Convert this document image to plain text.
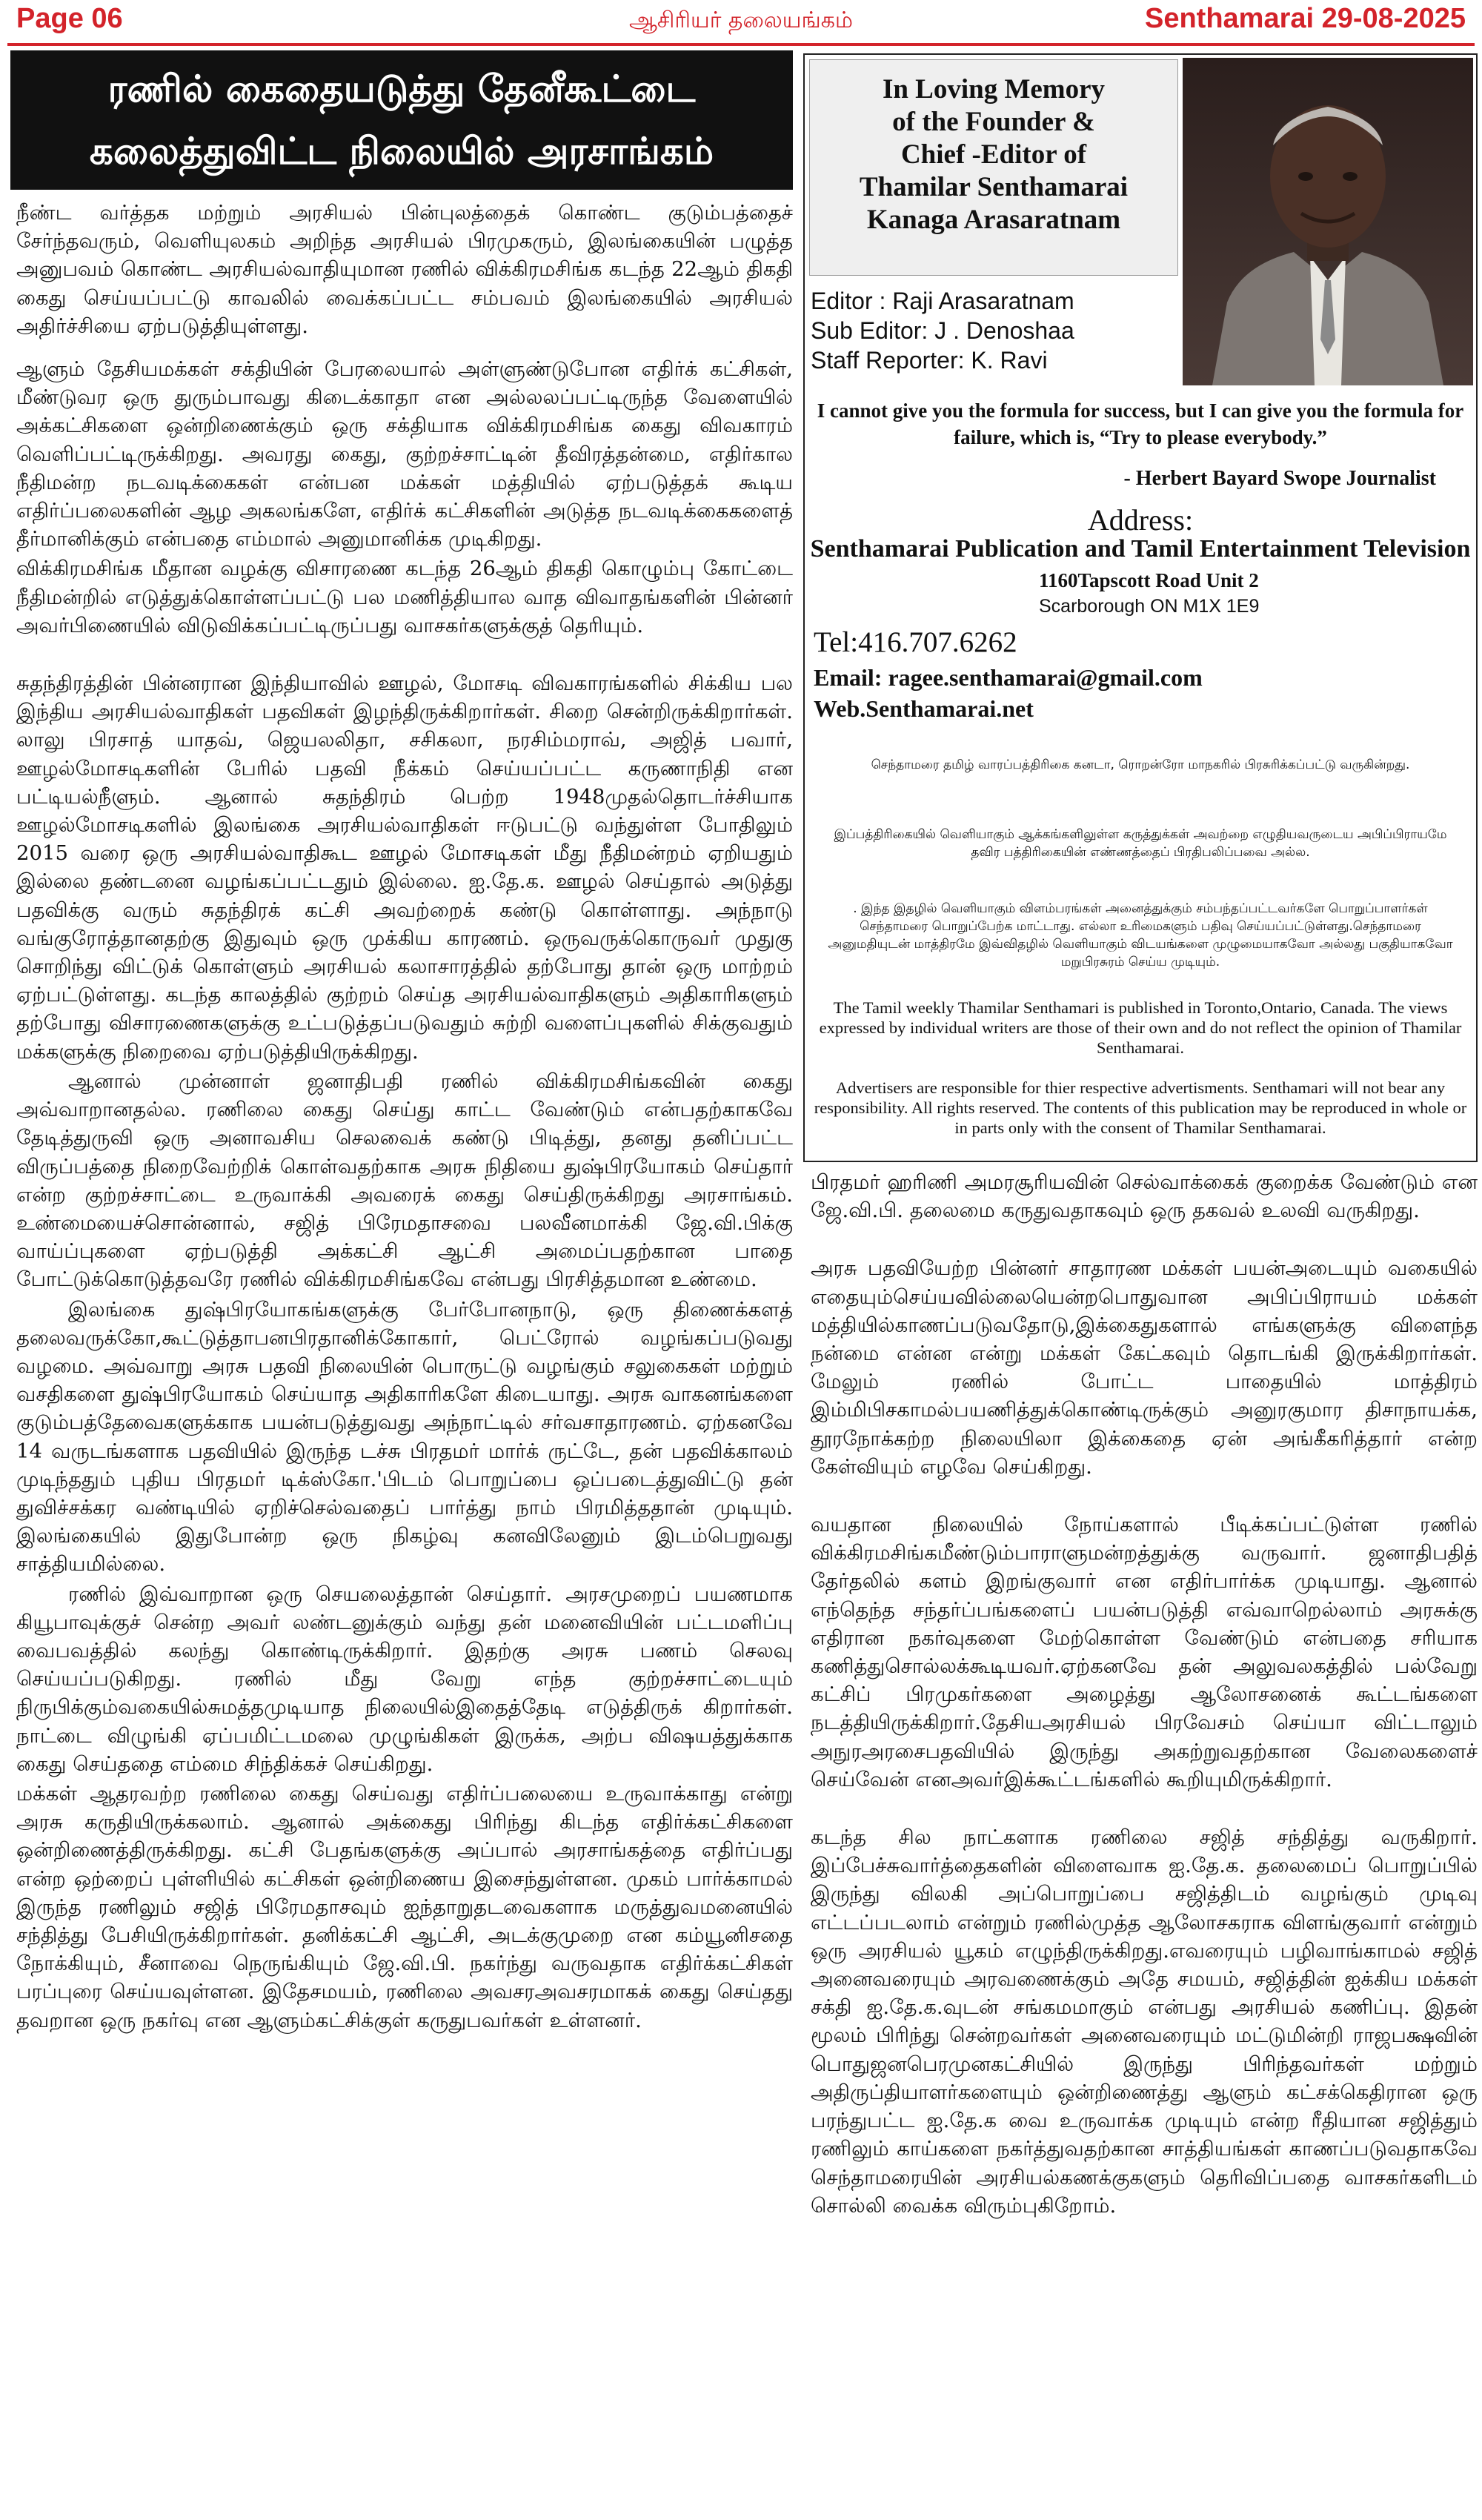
Page 06	ஆசிரியர் தலையங்கம்	Senthamarai 29-08-2025
ரணில் கைதையடுத்து தேனீகூட்டை
கலைத்துவிட்ட நிலையில் அரசாங்கம்

நீண்ட வர்த்தக மற்றும் அரசியல் பின்புலத்தைக் கொண்ட குடும்பத்தைச் சேர்ந்தவரும், வெளியுலகம் அறிந்த அரசியல் பிரமுகரும், இலங்கையின் பழுத்த அனுபவம் கொண்ட அரசியல்வாதியுமான ரணில் விக்கிரமசிங்க கடந்த 22ஆம் திகதி கைது செய்யப்பட்டு காவலில் வைக்கப்பட்ட சம்பவம் இலங்கையில் அரசியல் அதிர்ச்சியை ஏற்படுத்தியுள்ளது.

ஆளும் தேசியமக்கள் சக்தியின் பேரலையால் அள்ளுண்டுபோன எதிர்க் கட்சிகள், மீண்டுவர ஒரு துரும்பாவது கிடைக்காதா என அல்லலப்பட்டிருந்த வேளையில் அக்கட்சிகளை ஒன்றிணைக்கும் ஒரு சக்தியாக விக்கிரமசிங்க கைது விவகாரம் வெளிப்பட்டிருக்கிறது. அவரது கைது, குற்றச்சாட்டின் தீவிரத்தன்மை, எதிர்கால நீதிமன்ற நடவடிக்கைகள் என்பன மக்கள் மத்தியில் ஏற்படுத்தக் கூடிய எதிர்ப்பலைகளின் ஆழ அகலங்களே, எதிர்க் கட்சிகளின் அடுத்த நடவடிக்கைகளைத் தீர்மானிக்கும் என்பதை எம்மால் அனுமானிக்க முடிகிறது.

விக்கிரமசிங்க மீதான வழக்கு விசாரணை கடந்த 26ஆம் திகதி கொழும்பு கோட்டை நீதிமன்றில் எடுத்துக்கொள்ளப்பட்டு பல மணித்தியால வாத விவாதங்களின் பின்னர் அவர்பிணையில் விடுவிக்கப்பட்டிருப்பது வாசகர்களுக்குத் தெரியும்.

சுதந்திரத்தின் பின்னரான இந்தியாவில் ஊழல், மோசடி விவகாரங்களில் சிக்கிய பல இந்திய அரசியல்வாதிகள் பதவிகள் இழந்திருக்கிறார்கள். சிறை சென்றிருக்கிறார்கள். லாலு பிரசாத் யாதவ், ஜெயலலிதா, சசிகலா, நரசிம்மராவ், அஜித் பவார், ஊழல்மோசடிகளின் பேரில் பதவி நீக்கம் செய்யப்பட்ட கருணாநிதி என பட்டியல்நீளும். ஆனால் சுதந்திரம் பெற்ற 1948முதல்தொடர்ச்சியாக ஊழல்மோசடிகளில் இலங்கை அரசியல்வாதிகள் ஈடுபட்டு வந்துள்ள போதிலும் 2015 வரை ஒரு அரசியல்வாதிகூட ஊழல் மோசடிகள் மீது நீதிமன்றம் ஏறியதும் இல்லை தண்டனை வழங்கப்பட்டதும் இல்லை. ஐ.தே.க. ஊழல் செய்தால் அடுத்து பதவிக்கு வரும் சுதந்திரக் கட்சி அவற்றைக் கண்டு கொள்ளாது. அந்நாடு வங்குரோத்தானதற்கு இதுவும் ஒரு முக்கிய காரணம். ஒருவருக்கொருவர் முதுகு சொறிந்து விட்டுக் கொள்ளும் அரசியல் கலாசாரத்தில் தற்போது தான் ஒரு மாற்றம் ஏற்பட்டுள்ளது. கடந்த காலத்தில் குற்றம் செய்த அரசியல்வாதிகளும் அதிகாரிகளும் தற்போது விசாரணைகளுக்கு உட்படுத்தப்படுவதும் சுற்றி வளைப்புகளில் சிக்குவதும் மக்களுக்கு நிறைவை ஏற்படுத்தியிருக்கிறது.

ஆனால் முன்னாள் ஜனாதிபதி ரணில் விக்கிரமசிங்கவின் கைது அவ்வாறானதல்ல. ரணிலை கைது செய்து காட்ட வேண்டும் என்பதற்காகவே தேடித்துருவி ஒரு அனாவசிய செலவைக் கண்டு பிடித்து, தனது தனிப்பட்ட விருப்பத்தை நிறைவேற்றிக் கொள்வதற்காக அரசு நிதியை துஷ்பிரயோகம் செய்தார் என்ற குற்றச்சாட்டை உருவாக்கி அவரைக் கைது செய்திருக்கிறது அரசாங்கம். உண்மையைச்சொன்னால், சஜித் பிரேமதாசவை பலவீனமாக்கி ஜே.வி.பிக்கு வாய்ப்புகளை ஏற்படுத்தி அக்கட்சி ஆட்சி அமைப்பதற்கான பாதை போட்டுக்கொடுத்தவரே ரணில் விக்கிரமசிங்கவே என்பது பிரசித்தமான உண்மை.

இலங்கை துஷ்பிரயோகங்களுக்கு பேர்போனநாடு, ஒரு திணைக்களத் தலைவருக்கோ,கூட்டுத்தாபனபிரதானிக்கோகார், பெட்ரோல் வழங்கப்படுவது வழமை. அவ்வாறு அரசு பதவி நிலையின் பொருட்டு வழங்கும் சலுகைகள் மற்றும் வசதிகளை துஷ்பிரயோகம் செய்யாத அதிகாரிகளே கிடையாது. அரசு வாகனங்களை குடும்பத்தேவைகளுக்காக பயன்படுத்துவது அந்நாட்டில் சர்வசாதாரணம். ஏற்கனவே 14 வருடங்களாக பதவியில் இருந்த டச்சு பிரதமர் மார்க் ருட்டே, தன் பதவிக்காலம் முடிந்ததும் புதிய பிரதமர் டிக்ஸ்கோ.'பிடம் பொறுப்பை ஒப்படைத்துவிட்டு தன் துவிச்சக்கர வண்டியில் ஏறிச்செல்வதைப் பார்த்து நாம் பிரமித்ததான் முடியும். இலங்கையில் இதுபோன்ற ஒரு நிகழ்வு கனவிலேனும் இடம்பெறுவது சாத்தியமில்லை.

ரணில் இவ்வாறான ஒரு செயலைத்தான் செய்தார். அரசமுறைப் பயணமாக கியூபாவுக்குச் சென்ற அவர் லண்டனுக்கும் வந்து தன் மனைவியின் பட்டமளிப்பு வைபவத்தில் கலந்து கொண்டிருக்கிறார். இதற்கு அரசு பணம் செலவு செய்யப்படுகிறது. ரணில் மீது வேறு எந்த குற்றச்சாட்டையும் நிருபிக்கும்வகையில்சுமத்தமுடியாத நிலையில்இதைத்தேடி எடுத்திருக் கிறார்கள். நாட்டை விழுங்கி ஏப்பமிட்டமலை முழுங்கிகள் இருக்க, அற்ப விஷயத்துக்காக கைது செய்ததை எம்மை சிந்திக்கச் செய்கிறது.

மக்கள் ஆதரவற்ற ரணிலை கைது செய்வது எதிர்ப்பலையை உருவாக்காது என்று அரசு கருதியிருக்கலாம். ஆனால் அக்கைது பிரிந்து கிடந்த எதிர்க்கட்சிகளை ஒன்றிணைத்திருக்கிறது. கட்சி பேதங்களுக்கு அப்பால் அரசாங்கத்தை எதிர்ப்பது என்ற ஒற்றைப் புள்ளியில் கட்சிகள் ஒன்றிணைய இசைந்துள்ளன. முகம் பார்க்காமல் இருந்த ரணிலும் சஜித் பிரேமதாசவும் ஐந்தாறுதடவைகளாக மருத்துவமனையில் சந்தித்து பேசியிருக்கிறார்கள். தனிக்கட்சி ஆட்சி, அடக்குமுறை என கம்யூனிசதை நோக்கியும், சீனாவை நெருங்கியும் ஜே.வி.பி. நகர்ந்து வருவதாக எதிர்க்கட்சிகள் பரப்புரை செய்யவுள்ளன. இதேசமயம், ரணிலை அவசரஅவசரமாகக் கைது செய்தது தவறான ஒரு நகர்வு என ஆளும்கட்சிக்குள் கருதுபவர்கள் உள்ளனர்.

In Loving Memory
of the Founder &
Chief -Editor of
Thamilar Senthamarai
Kanaga Arasaratnam
Editor : Raji Arasaratnam
Sub Editor: J . Denoshaa
Staff Reporter: K. Ravi
I cannot give you the formula for success, but I can give you the formula for failure, which is, “Try to please everybody.”
- Herbert Bayard Swope Journalist
Address:
Senthamarai Publication and Tamil Entertainment Television
1160Tapscott Road Unit 2
Scarborough ON M1X 1E9
Tel:416.707.6262
Email: ragee.senthamarai@gmail.com
Web.Senthamarai.net
செந்தாமரை தமிழ் வாரப்பத்திரிகை கனடா, ரொறன்ரோ மாநகரில் பிரசுரிக்கப்பட்டு வருகின்றது.
இப்பத்திரிகையில் வெளியாகும் ஆக்கங்களிலுள்ள கருத்துக்கள் அவற்றை எழுதியவருடைய அபிப்பிராயமே தவிர பத்திரிகையின் எண்ணத்தைப் பிரதிபலிப்பவை அல்ல.
. இந்த இதழில் வெளியாகும் விளம்பரங்கள் அனைத்துக்கும் சம்பந்தப்பட்டவர்களே பொறுப்பாளர்கள் செந்தாமரை பொறுப்பேற்க மாட்டாது. எல்லா உரிமைகளும் பதிவு செய்யப்பட்டுள்ளது.செந்தாமரை அனுமதியுடன் மாத்திரமே இவ்விதழில் வெளியாகும் விடயங்களை முழுமையாகவோ அல்லது பகுதியாகவோ மறுபிரசுரம் செய்ய முடியும்.
The Tamil weekly Thamilar Senthamari is published in Toronto,Ontario, Canada. The views expressed by individual writers are those of their own and do not reflect the opinion of Thamilar Senthamarai.
Advertisers are responsible for thier respective advertisments. Senthamari will not bear any responsibility. All rights reserved. The contents of this publication may be reproduced in whole or in parts only with the consent of Thamilar Senthamarai.

பிரதமர் ஹரிணி அமரசூரியவின் செல்வாக்கைக் குறைக்க வேண்டும் என ஜே.வி.பி. தலைமை கருதுவதாகவும் ஒரு தகவல் உலவி வருகிறது.

அரசு பதவியேற்ற பின்னர் சாதாரண மக்கள் பயன்அடையும் வகையில் எதையும்செய்யவில்லையென்றபொதுவான அபிப்பிராயம் மக்கள் மத்தியில்காணப்படுவதோடு,இக்கைதுகளால் எங்களுக்கு விளைந்த நன்மை என்ன என்று மக்கள் கேட்கவும் தொடங்கி இருக்கிறார்கள். மேலும் ரணில் போட்ட பாதையில் மாத்திரம் இம்மிபிசகாமல்பயணித்துக்கொண்டிருக்கும் அனுரகுமார திசாநாயக்க, தூரநோக்கற்ற நிலையிலா இக்கைதை ஏன் அங்கீகரித்தார் என்ற கேள்வியும் எழவே செய்கிறது.

வயதான நிலையில் நோய்களால் பீடிக்கப்பட்டுள்ள ரணில் விக்கிரமசிங்கமீண்டும்பாராளுமன்றத்துக்கு வருவார். ஜனாதிபதித் தேர்தலில் களம் இறங்குவார் என எதிர்பார்க்க முடியாது. ஆனால் எந்தெந்த சந்தர்ப்பங்களைப் பயன்படுத்தி எவ்வாறெல்லாம் அரசுக்கு எதிரான நகர்வுகளை மேற்கொள்ள வேண்டும் என்பதை சரியாக கணித்துசொல்லக்கூடியவர்.ஏற்கனவே தன் அலுவலகத்தில் பல்வேறு கட்சிப் பிரமுகர்களை அழைத்து ஆலோசனைக் கூட்டங்களை நடத்தியிருக்கிறார்.தேசியஅரசியல் பிரவேசம் செய்யா விட்டாலும் அநுரஅரசைபதவியில் இருந்து அகற்றுவதற்கான வேலைகளைச் செய்வேன் எனஅவர்இக்கூட்டங்களில் கூறியுமிருக்கிறார்.

கடந்த சில நாட்களாக ரணிலை சஜித் சந்தித்து வருகிறார். இப்பேச்சுவார்த்தைகளின் விளைவாக ஐ.தே.க. தலைமைப் பொறுப்பில் இருந்து விலகி அப்பொறுப்பை சஜித்திடம் வழங்கும் முடிவு எட்டப்படலாம் என்றும் ரணில்முத்த ஆலோசகராக விளங்குவார் என்றும் ஒரு அரசியல் யூகம் எழுந்திருக்கிறது.எவரையும் பழிவாங்காமல் சஜித் அனைவரையும் அரவணைக்கும் அதே சமயம், சஜித்தின் ஐக்கிய மக்கள் சக்தி ஐ.தே.க.வுடன் சங்கமமாகும் என்பது அரசியல் கணிப்பு. இதன் மூலம் பிரிந்து சென்றவர்கள் அனைவரையும் மட்டுமின்றி ராஜபக்ஷவின் பொதுஜனபெரமுனகட்சியில் இருந்து பிரிந்தவர்கள் மற்றும் அதிருப்தியாளர்களையும் ஒன்றிணைத்து ஆளும் கட்சக்கெதிரான ஒரு பரந்துபட்ட ஐ.தே.க வை உருவாக்க முடியும் என்ற ரீதியான சஜித்தும் ரணிலும் காய்களை நகர்த்துவதற்கான சாத்தியங்கள் காணப்படுவதாகவே செந்தாமரையின் அரசியல்கணக்குகளும் தெரிவிப்பதை வாசகர்களிடம் சொல்லி வைக்க விரும்புகிறோம்.
